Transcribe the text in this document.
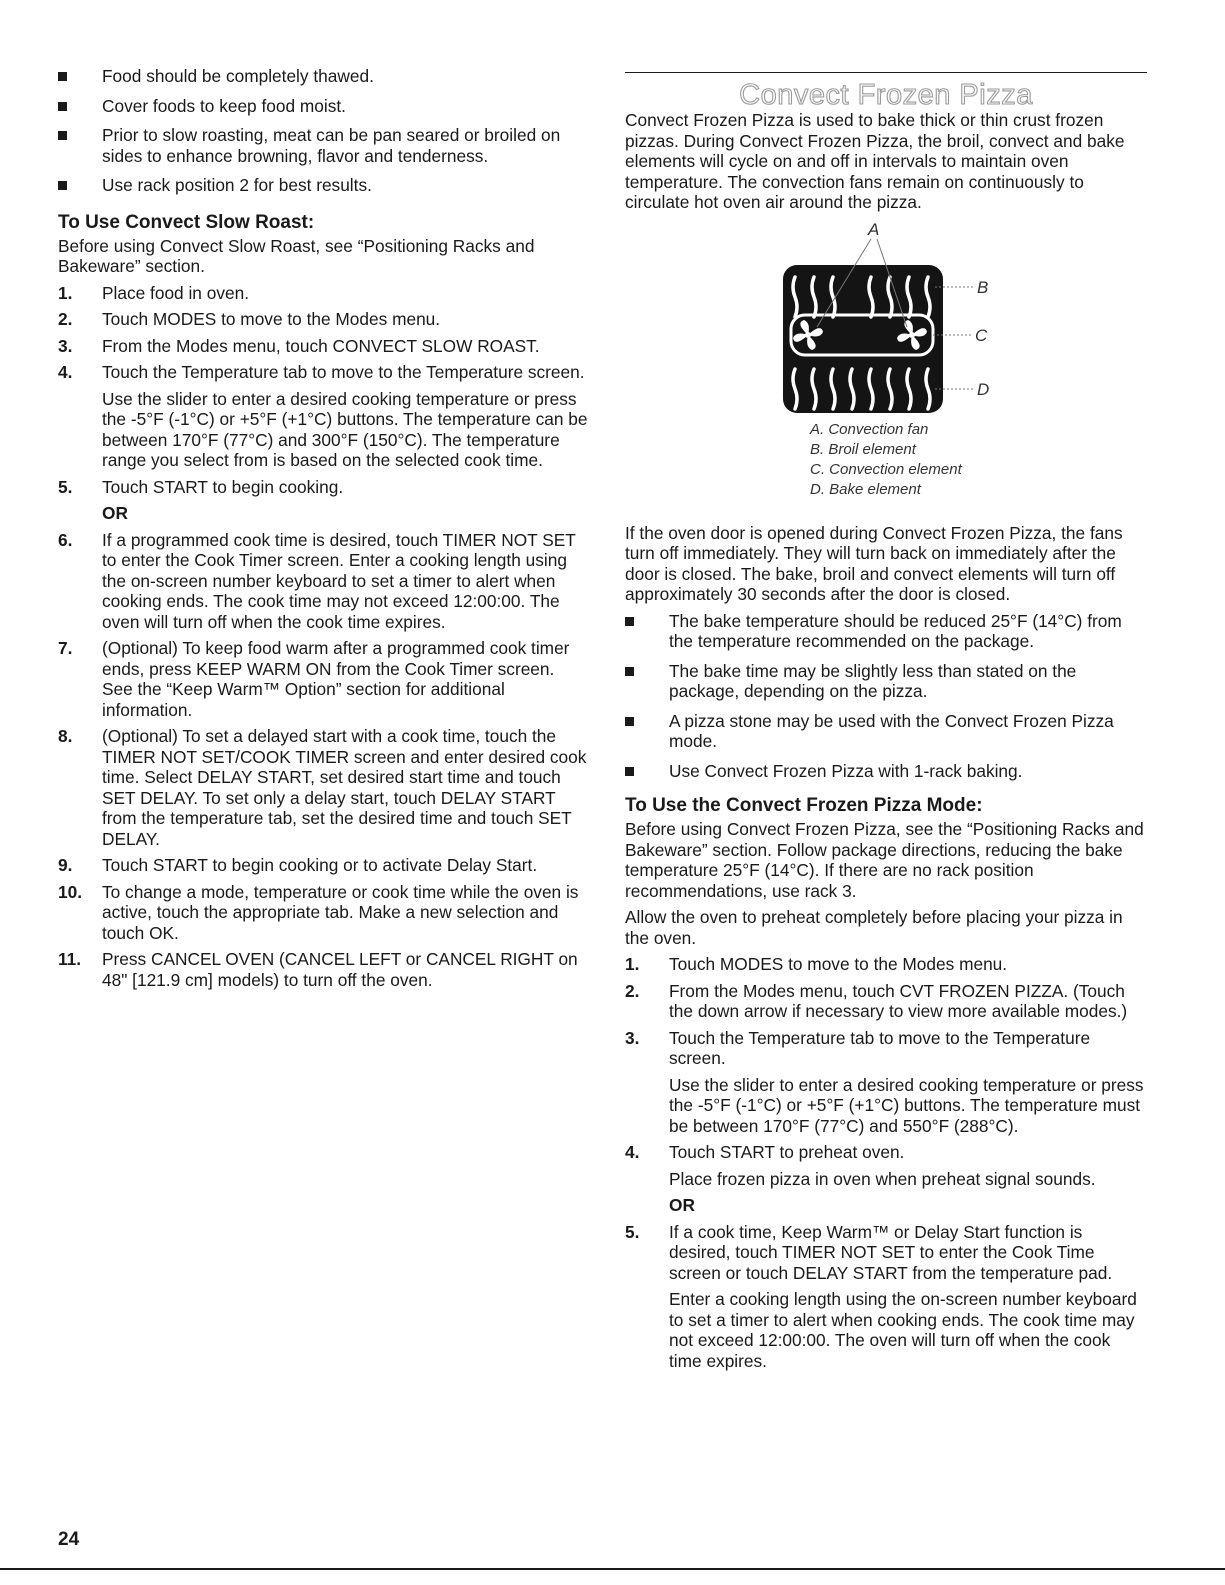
Food should be completely thawed.
Cover foods to keep food moist.
Prior to slow roasting, meat can be pan seared or broiled on sides to enhance browning, flavor and tenderness.
Use rack position 2 for best results.
To Use Convect Slow Roast:

Before using Convect Slow Roast, see “Positioning Racks and Bakeware” section.

1. Place food in oven.

2. Touch MODES to move to the Modes menu.

3. From the Modes menu, touch CONVECT SLOW ROAST.

4. Touch the Temperature tab to move to the Temperature screen.

Use the slider to enter a desired cooking temperature or press the -5°F (-1°C) or +5°F (+1°C) buttons. The temperature can be between 170°F (77°C) and 300°F (150°C). The temperature range you select from is based on the selected cook time.

5. Touch START to begin cooking.

OR

6. If a programmed cook time is desired, touch TIMER NOT SET to enter the Cook Timer screen. Enter a cooking length using the on-screen number keyboard to set a timer to alert when cooking ends. The cook time may not exceed 12:00:00. The oven will turn off when the cook time expires.

7. (Optional) To keep food warm after a programmed cook timer ends, press KEEP WARM ON from the Cook Timer screen. See the “Keep Warm™ Option” section for additional information.

8. (Optional) To set a delayed start with a cook time, touch the TIMER NOT SET/COOK TIMER screen and enter desired cook time. Select DELAY START, set desired start time and touch SET DELAY. To set only a delay start, touch DELAY START from the temperature tab, set the desired time and touch SET DELAY.

9. Touch START to begin cooking or to activate Delay Start.

10. To change a mode, temperature or cook time while the oven is active, touch the appropriate tab. Make a new selection and touch OK.

11. Press CANCEL OVEN (CANCEL LEFT or CANCEL RIGHT on 48" [121.9 cm] models) to turn off the oven.

Convect Frozen Pizza

Convect Frozen Pizza is used to bake thick or thin crust frozen pizzas. During Convect Frozen Pizza, the broil, convect and bake elements will cycle on and off in intervals to maintain oven temperature. The convection fans remain on continuously to circulate hot oven air around the pizza.

A
B
C
D
A. Convection fan
B. Broil element
C. Convection element
D. Bake element

If the oven door is opened during Convect Frozen Pizza, the fans turn off immediately. They will turn back on immediately after the door is closed. The bake, broil and convect elements will turn off approximately 30 seconds after the door is closed.

The bake temperature should be reduced 25°F (14°C) from the temperature recommended on the package.
The bake time may be slightly less than stated on the package, depending on the pizza.
A pizza stone may be used with the Convect Frozen Pizza mode.
Use Convect Frozen Pizza with 1-rack baking.
To Use the Convect Frozen Pizza Mode:

Before using Convect Frozen Pizza, see the “Positioning Racks and Bakeware” section. Follow package directions, reducing the bake temperature 25°F (14°C). If there are no rack position recommendations, use rack 3.

Allow the oven to preheat completely before placing your pizza in the oven.

1. Touch MODES to move to the Modes menu.

2. From the Modes menu, touch CVT FROZEN PIZZA. (Touch the down arrow if necessary to view more available modes.)

3. Touch the Temperature tab to move to the Temperature screen.

Use the slider to enter a desired cooking temperature or press the -5°F (-1°C) or +5°F (+1°C) buttons. The temperature must be between 170°F (77°C) and 550°F (288°C).

4. Touch START to preheat oven.

Place frozen pizza in oven when preheat signal sounds.

OR

5. If a cook time, Keep Warm™ or Delay Start function is desired, touch TIMER NOT SET to enter the Cook Time screen or touch DELAY START from the temperature pad.

Enter a cooking length using the on-screen number keyboard to set a timer to alert when cooking ends. The cook time may not exceed 12:00:00. The oven will turn off when the cook time expires.

24
